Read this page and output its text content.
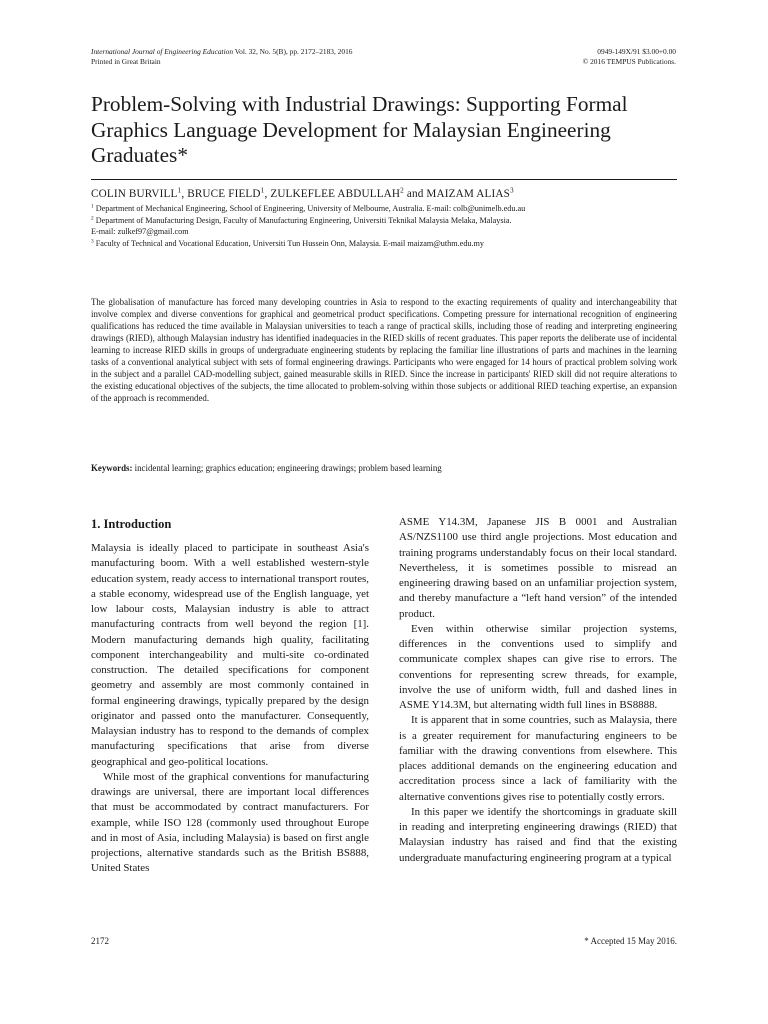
International Journal of Engineering Education Vol. 32, No. 5(B), pp. 2172–2183, 2016
Printed in Great Britain
0949-149X/91 $3.00+0.00
© 2016 TEMPUS Publications.
Problem-Solving with Industrial Drawings: Supporting Formal Graphics Language Development for Malaysian Engineering Graduates*
COLIN BURVILL$^1$, BRUCE FIELD$^1$, ZULKEFLEE ABDULLAH$^2$ and MAIZAM ALIAS$^3$
$^1$ Department of Mechanical Engineering, School of Engineering, University of Melbourne, Australia. E-mail: colb@unimelb.edu.au
$^2$ Department of Manufacturing Design, Faculty of Manufacturing Engineering, Universiti Teknikal Malaysia Melaka, Malaysia.
E-mail: zulkef97@gmail.com
$^3$ Faculty of Technical and Vocational Education, Universiti Tun Hussein Onn, Malaysia. E-mail maizam@uthm.edu.my
The globalisation of manufacture has forced many developing countries in Asia to respond to the exacting requirements of quality and interchangeability that involve complex and diverse conventions for graphical and geometrical product specifications. Competing pressure for international recognition of engineering qualifications has reduced the time available in Malaysian universities to teach a range of practical skills, including those of reading and interpreting engineering drawings (RIED), although Malaysian industry has identified inadequacies in the RIED skills of recent graduates. This paper reports the deliberate use of incidental learning to increase RIED skills in groups of undergraduate engineering students by replacing the familiar line illustrations of parts and machines in the learning tasks of a conventional analytical subject with sets of formal engineering drawings. Participants who were engaged for 14 hours of practical problem solving work in the subject and a parallel CAD-modelling subject, gained measurable skills in RIED. Since the increase in participants' RIED skill did not require alterations to the existing educational objectives of the subjects, the time allocated to problem-solving within those subjects or additional RIED teaching expertise, an expansion of the approach is recommended.
Keywords: incidental learning; graphics education; engineering drawings; problem based learning
1. Introduction

Malaysia is ideally placed to participate in southeast Asia's manufacturing boom. With a well established western-style education system, ready access to international transport routes, a stable economy, widespread use of the English language, yet low labour costs, Malaysian industry is able to attract manufacturing contracts from well beyond the region [1]. Modern manufacturing demands high quality, facilitating component interchangeability and multi-site co-ordinated construction. The detailed specifications for component geometry and assembly are most commonly contained in formal engineering drawings, typically prepared by the design originator and passed onto the manufacturer. Consequently, Malaysian industry has to respond to the demands of complex manufacturing specifications that arise from diverse geographical and geo-political locations.

While most of the graphical conventions for manufacturing drawings are universal, there are important local differences that must be accommodated by contract manufacturers. For example, while ISO 128 (commonly used throughout Europe and in most of Asia, including Malaysia) is based on first angle projections, alternative standards such as the British BS888, United States

ASME Y14.3M, Japanese JIS B 0001 and Australian AS/NZS1100 use third angle projections. Most education and training programs understandably focus on their local standard. Nevertheless, it is sometimes possible to misread an engineering drawing based on an unfamiliar projection system, and thereby manufacture a “left hand version” of the intended product.

Even within otherwise similar projection systems, differences in the conventions used to simplify and communicate complex shapes can give rise to errors. The conventions for representing screw threads, for example, involve the use of uniform width, full and dashed lines in ASME Y14.3M, but alternating width full lines in BS8888.

It is apparent that in some countries, such as Malaysia, there is a greater requirement for manufacturing engineers to be familiar with the drawing conventions from elsewhere. This places additional demands on the engineering education and accreditation process since a lack of familiarity with the alternative conventions gives rise to potentially costly errors.

In this paper we identify the shortcomings in graduate skill in reading and interpreting engineering drawings (RIED) that Malaysian industry has raised and find that the existing undergraduate manufacturing engineering program at a typical

2172	* Accepted 15 May 2016.
